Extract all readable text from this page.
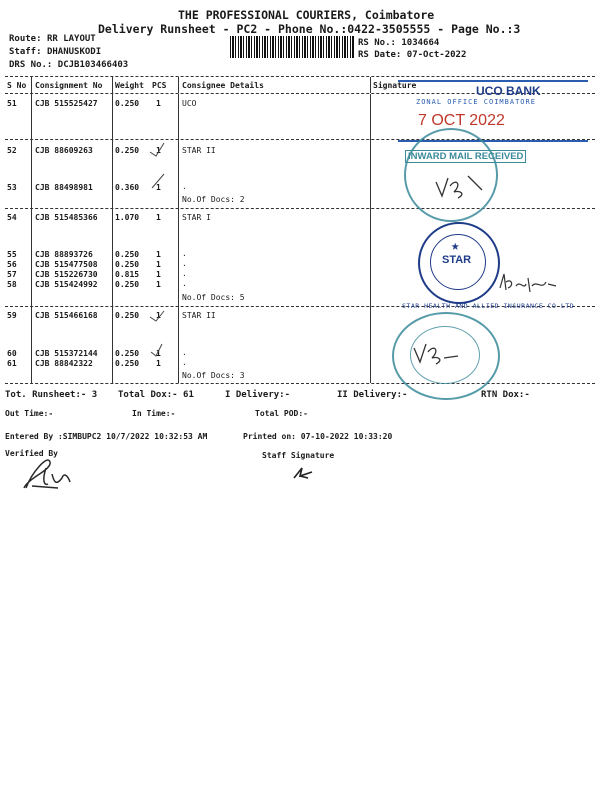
THE PROFESSIONAL COURIERS, Coimbatore
Delivery Runsheet - PC2 - Phone No.:0422-3505555 - Page No.:3
Route: RR LAYOUT
Staff: DHANUSKODI
DRS No.: DCJB103466403
RS No.: 1034664
RS Date: 07-Oct-2022
S No Consignment No Weight PCS Consignee Details	Signature
51 CJB 515525427 0.250 1	UCO
52 CJB 88609263	0.250 1	STAR II
53 CJB 88498981	0.360 1	.
No.Of Docs: 2
54 CJB 515485366 1.070 1	STAR I
55 CJB 88893726	0.250 1	.
56 CJB 515477508 0.250 1	.
57 CJB 515226730 0.815 1	.
58 CJB 515424992 0.250 1	.
No.Of Docs: 5
59 CJB 515466168 0.250 1	STAR II
60 CJB 515372144 0.250 1	.
61 CJB 88842322	0.250 1	.
No.Of Docs: 3
Tot. Runsheet:- 3 Total Dox:- 61	I Delivery:-	II Delivery:-	RTN Dox:-
Out Time:-	In Time:-	Total POD:-
Entered By :SIMBUPC2 10/7/2022 10:32:53 AM	Printed on: 07-10-2022 10:33:20
Verified By	Staff Signature
UCO BANK
ZONAL OFFICE COIMBATORE
7 OCT 2022
INWARD MAIL RECEIVED
STAR
★
STAR HEALTH AND ALLIED INSURANCE CO LTD
